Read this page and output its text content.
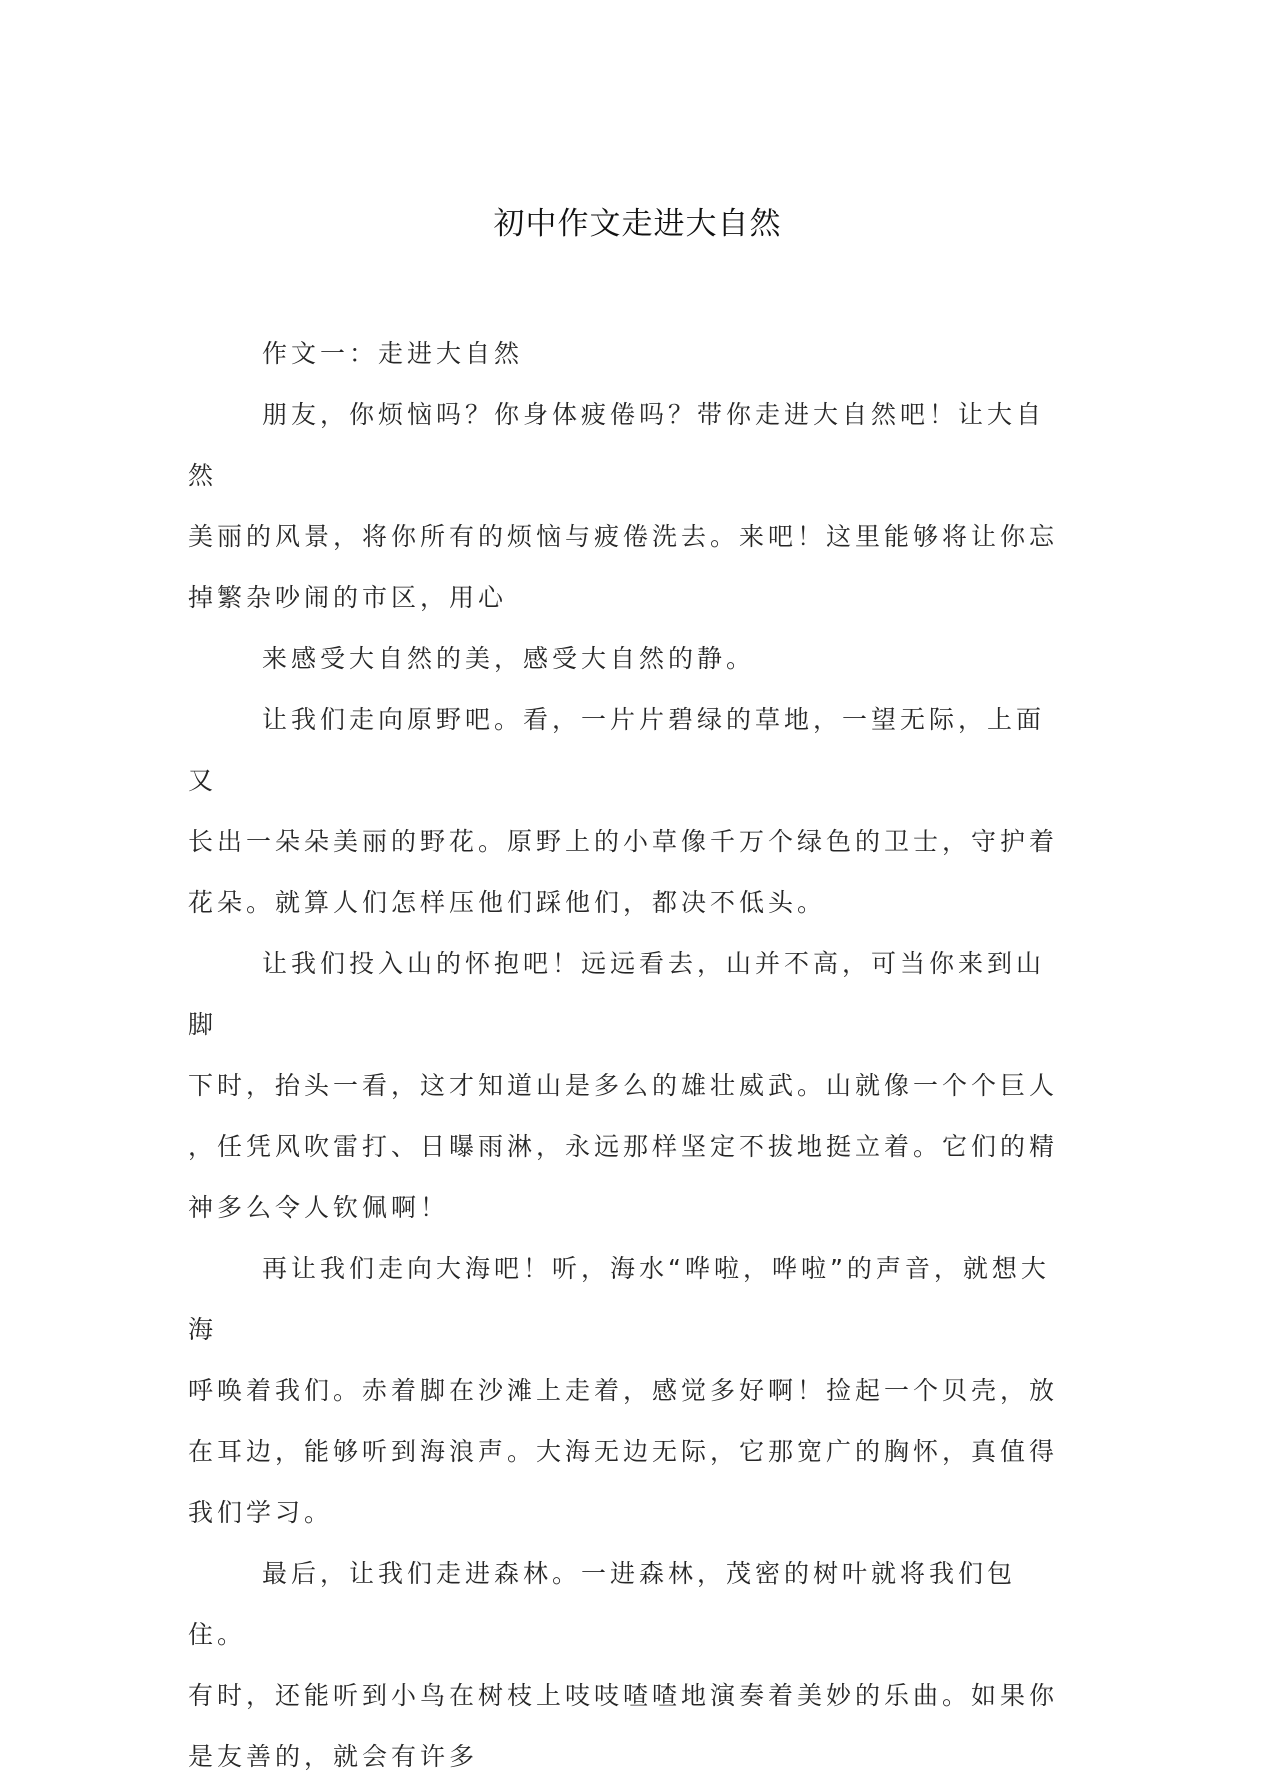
初中作文走进大自然

作文一：走进大自然

朋友，你烦恼吗？你身体疲倦吗？带你走进大自然吧！让大自然
美丽的风景，将你所有的烦恼与疲倦洗去。来吧！这里能够将让你忘
掉繁杂吵闹的市区，用心

来感受大自然的美，感受大自然的静。

让我们走向原野吧。看，一片片碧绿的草地，一望无际，上面又
长出一朵朵美丽的野花。原野上的小草像千万个绿色的卫士，守护着
花朵。就算人们怎样压他们踩他们，都决不低头。

让我们投入山的怀抱吧！远远看去，山并不高，可当你来到山脚
下时，抬头一看，这才知道山是多么的雄壮威武。山就像一个个巨人
，任凭风吹雷打、日曝雨淋，永远那样坚定不拔地挺立着。它们的精
神多么令人钦佩啊！

再让我们走向大海吧！听，海水“哗啦，哗啦”的声音，就想大海
呼唤着我们。赤着脚在沙滩上走着，感觉多好啊！捡起一个贝壳，放
在耳边，能够听到海浪声。大海无边无际，它那宽广的胸怀，真值得
我们学习。

最后，让我们走进森林。一进森林，茂密的树叶就将我们包住。
有时，还能听到小鸟在树枝上吱吱喳喳地演奏着美妙的乐曲。如果你
是友善的，就会有许多
